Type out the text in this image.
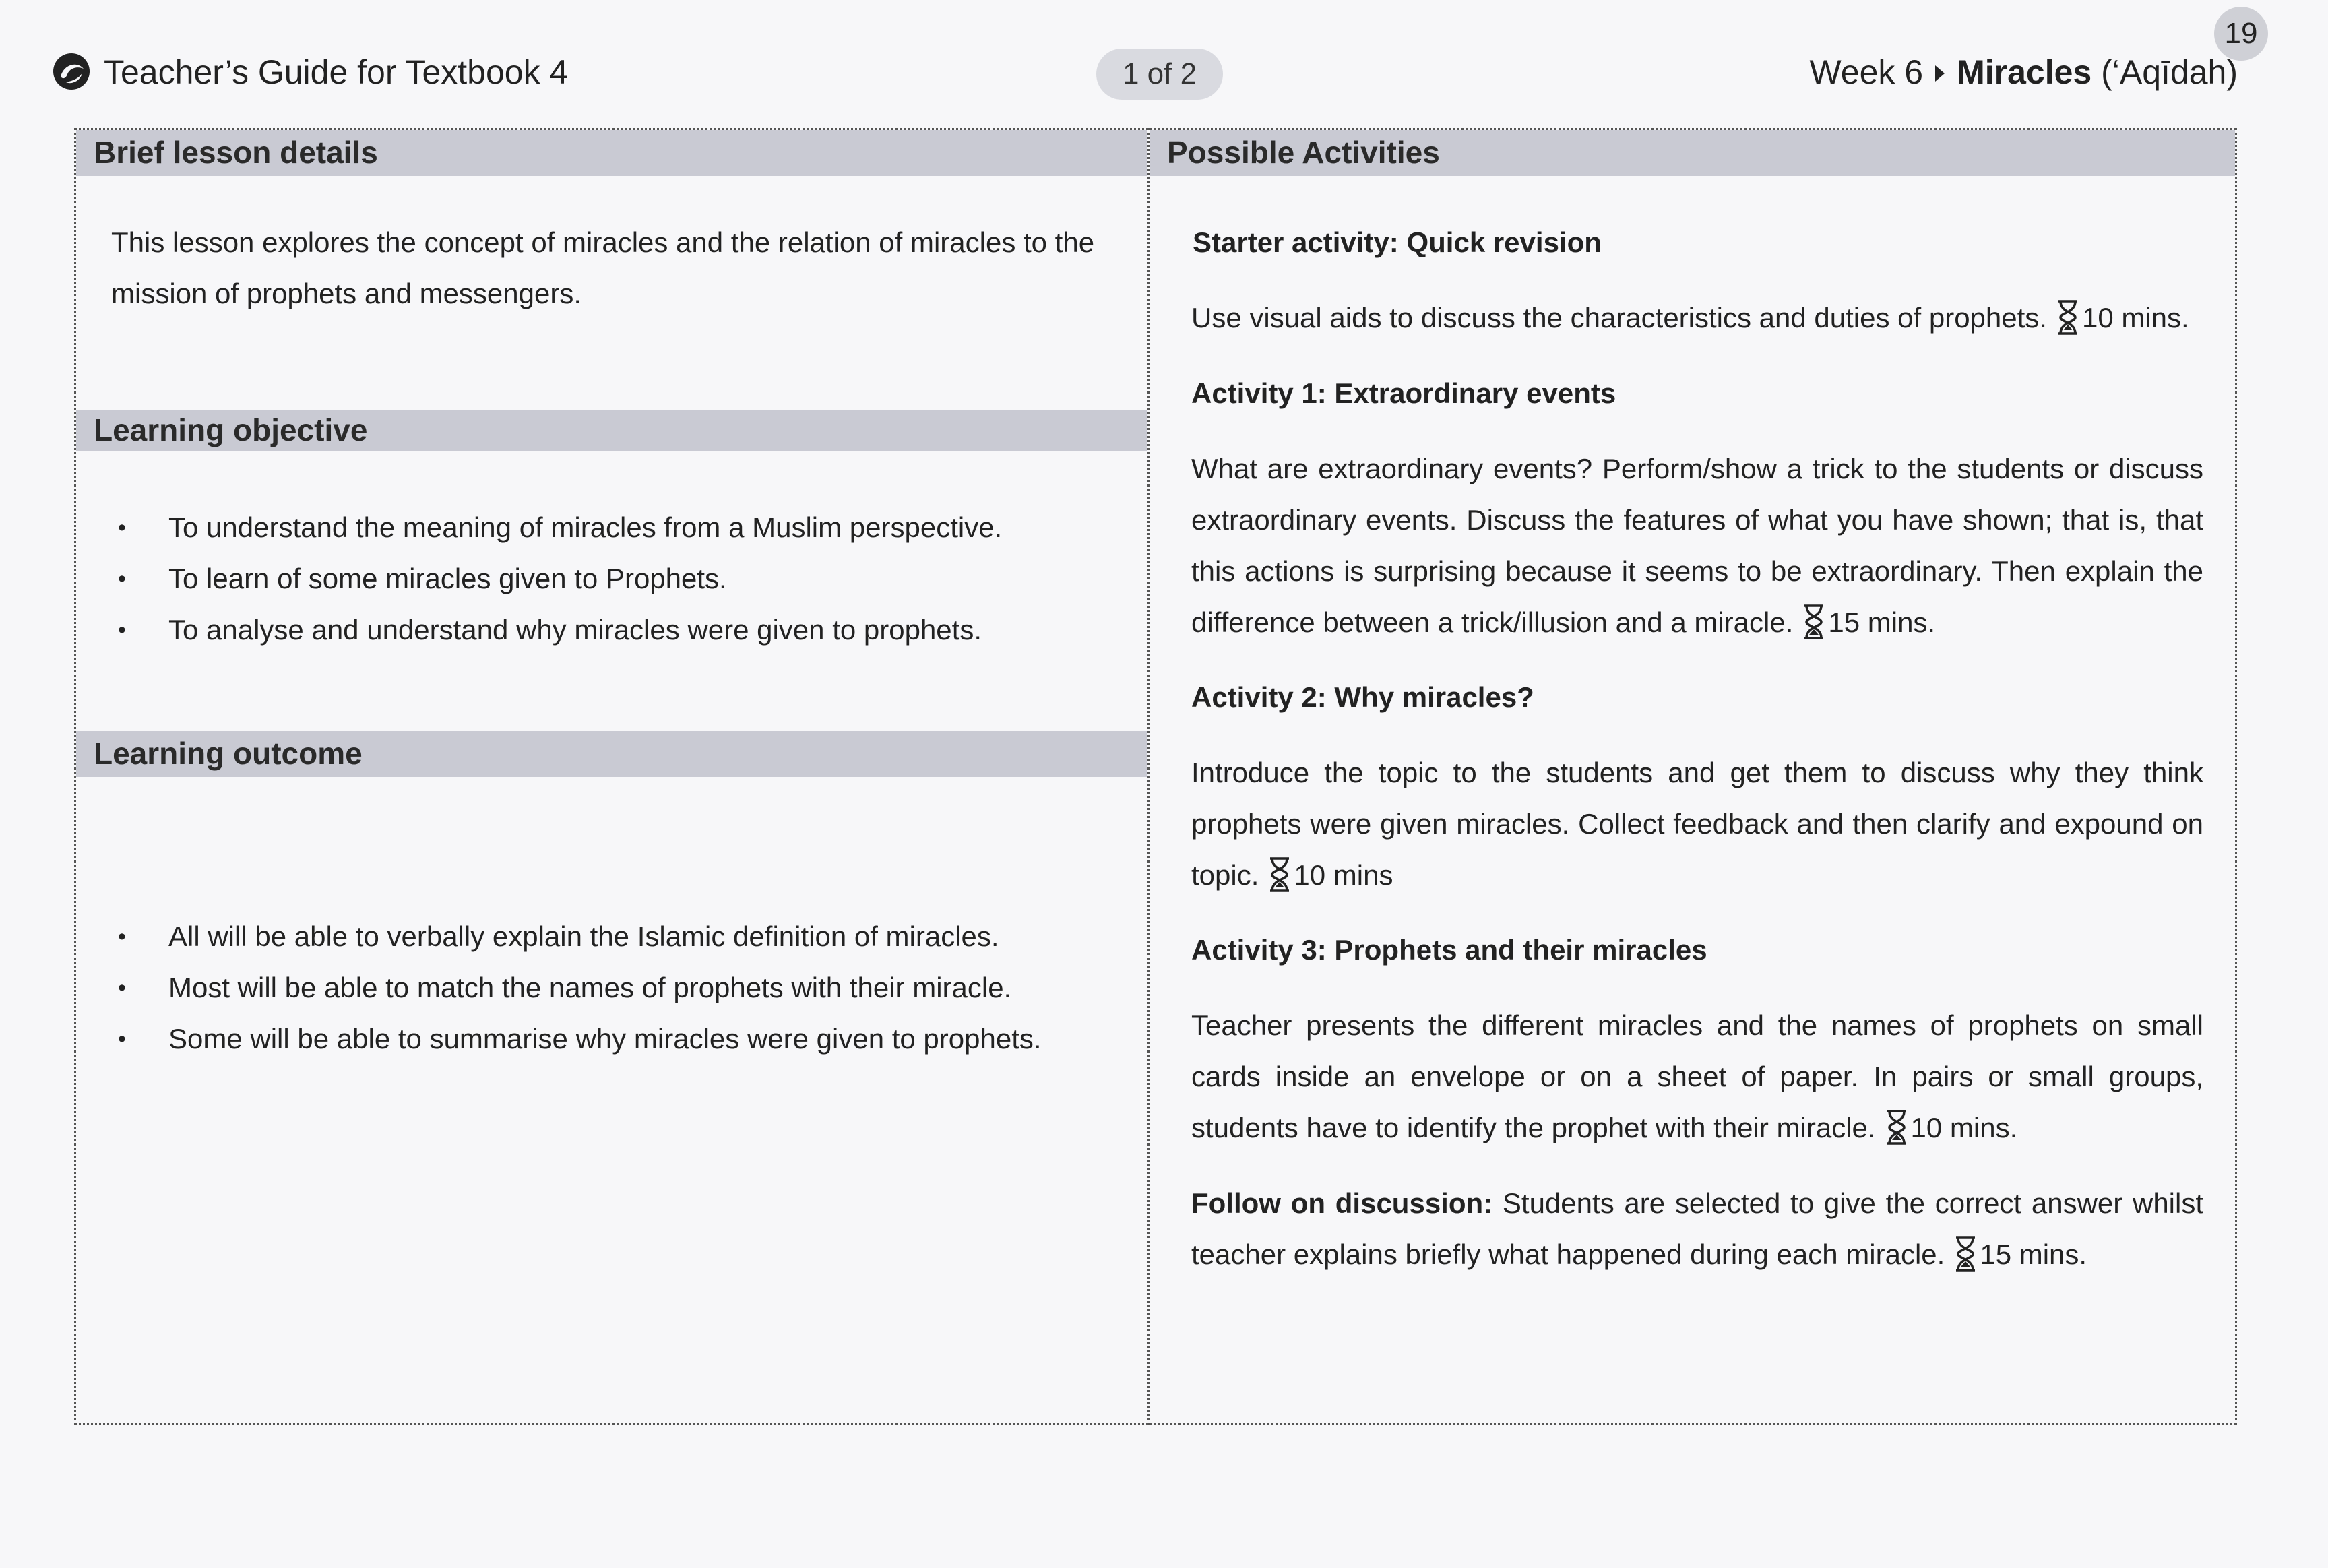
Teacher’s Guide for Textbook 4	1 of 2
19
Week 6 Miracles (‘Aqīdah)
Brief lesson details
This lesson explores the concept of miracles and the relation of miracles to the mission of prophets and messengers.
Learning objective
• To understand the meaning of miracles from a Muslim perspective.
• To learn of some miracles given to Prophets.
• To analyse and understand why miracles were given to prophets.
Learning outcome
• All will be able to verbally explain the Islamic definition of miracles.
• Most will be able to match the names of prophets with their miracle.
• Some will be able to summarise why miracles were given to prophets.
Possible Activities
Starter activity: Quick revision
Use visual aids to discuss the characteristics and duties of prophets. 10 mins.
Activity 1: Extraordinary events
What are extraordinary events? Perform/show a trick to the students or discuss extraordinary events. Discuss the features of what you have shown; that is, that this actions is surprising because it seems to be extraordinary. Then explain the difference between a trick/illusion and a miracle. 15 mins.
Activity 2: Why miracles?
Introduce the topic to the students and get them to discuss why they think prophets were given miracles. Collect feedback and then clarify and expound on topic. 10 mins
Activity 3: Prophets and their miracles
Teacher presents the different miracles and the names of prophets on small cards inside an envelope or on a sheet of paper. In pairs or small groups, students have to identify the prophet with their miracle. 10 mins.
Follow on discussion: Students are selected to give the correct answer whilst teacher explains briefly what happened during each miracle. 15 mins.
